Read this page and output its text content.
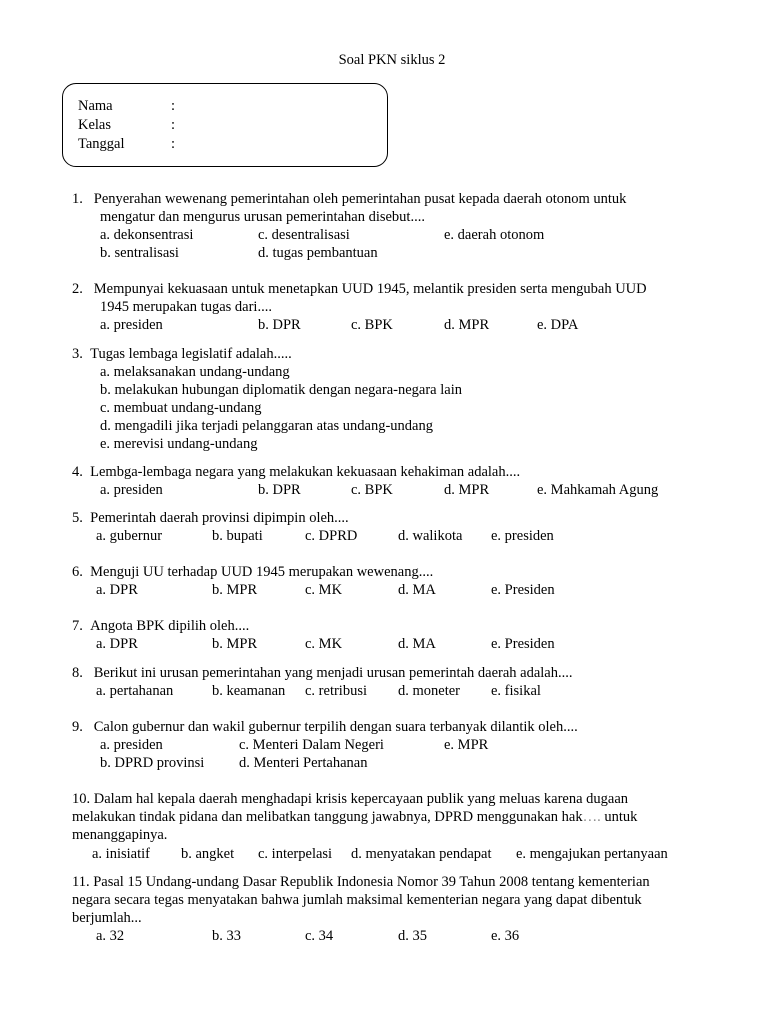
Soal PKN siklus 2
Nama	:
Kelas	:
Tanggal	:
1.   Penyerahan wewenang pemerintahan oleh pemerintahan pusat kepada daerah otonom untuk
mengatur dan mengurus urusan pemerintahan disebut....
a. dekonsentrasi	c. desentralisasi	e. daerah otonom
b. sentralisasi	d. tugas pembantuan
2.   Mempunyai kekuasaan untuk menetapkan UUD 1945, melantik presiden serta mengubah UUD
1945 merupakan tugas dari....
a. presiden	b. DPR	c. BPK	d. MPR	e. DPA
3.  Tugas lembaga legislatif adalah.....
a. melaksanakan undang-undang
b. melakukan hubungan diplomatik dengan negara-negara lain
c. membuat undang-undang
d. mengadili jika terjadi pelanggaran atas undang-undang
e. merevisi undang-undang
4.  Lembga-lembaga negara yang melakukan kekuasaan kehakiman adalah....
a. presiden	b. DPR	c. BPK	d. MPR	e. Mahkamah Agung
5.  Pemerintah daerah provinsi dipimpin oleh....
a. gubernur	b. bupati	c. DPRD	d. walikota e. presiden
6.  Menguji UU terhadap UUD 1945 merupakan wewenang....
a. DPR	b. MPR	c. MK	d. MA	e. Presiden
7.  Angota BPK dipilih oleh....
a. DPR	b. MPR	c. MK	d. MA	e. Presiden
8.   Berikut ini urusan pemerintahan yang menjadi urusan pemerintah daerah adalah....
a. pertahanan	b. keamanan c. retribusi d. moneter e. fisikal
9.   Calon gubernur dan wakil gubernur terpilih dengan suara terbanyak dilantik oleh....
a. presiden	c. Menteri Dalam Negeri	e. MPR
b. DPRD provinsi d. Menteri Pertahanan
10. Dalam hal kepala daerah menghadapi krisis kepercayaan publik yang meluas karena dugaan
melakukan tindak pidana dan melibatkan tanggung jawabnya, DPRD menggunakan hak…. untuk
menanggapinya.
a. inisiatif b. angket c. interpelasi d. menyatakan pendapat e. mengajukan pertanyaan
11. Pasal 15 Undang-undang Dasar Republik Indonesia Nomor 39 Tahun 2008 tentang kementerian
negara secara tegas menyatakan bahwa jumlah maksimal kementerian negara yang dapat dibentuk
berjumlah...
a. 32	b. 33	c. 34	d. 35	e. 36
